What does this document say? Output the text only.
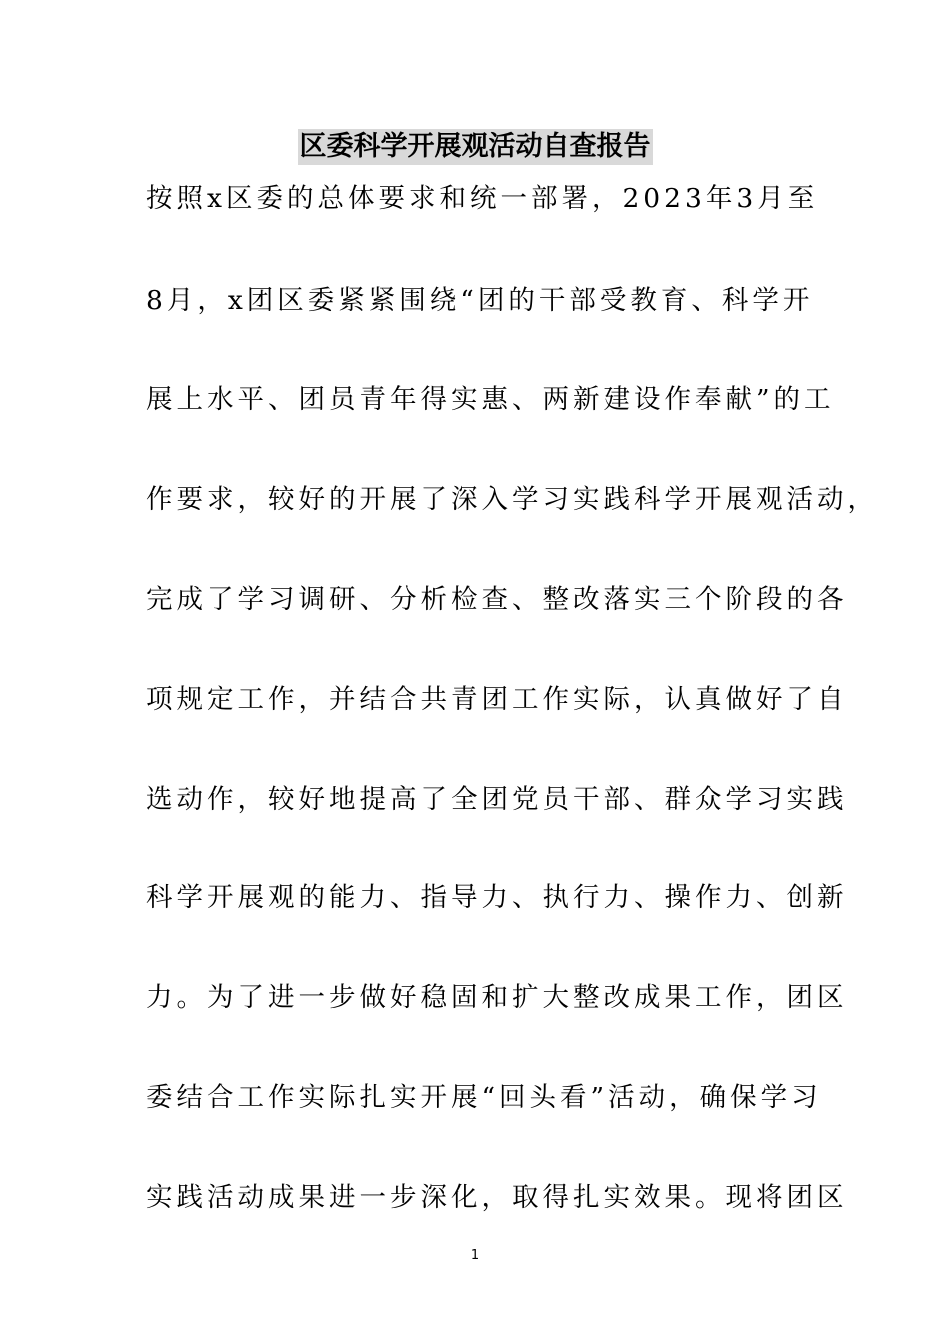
区委科学开展观活动自查报告
按照x区委的总体要求和统一部署，2023年3月至
8月，x团区委紧紧围绕“团的干部受教育、科学开
展上水平、团员青年得实惠、两新建设作奉献”的工
作要求，较好的开展了深入学习实践科学开展观活动，
完成了学习调研、分析检查、整改落实三个阶段的各
项规定工作，并结合共青团工作实际，认真做好了自
选动作，较好地提高了全团党员干部、群众学习实践
科学开展观的能力、指导力、执行力、操作力、创新
力。为了进一步做好稳固和扩大整改成果工作，团区
委结合工作实际扎实开展“回头看”活动，确保学习
实践活动成果进一步深化，取得扎实效果。现将团区
1
